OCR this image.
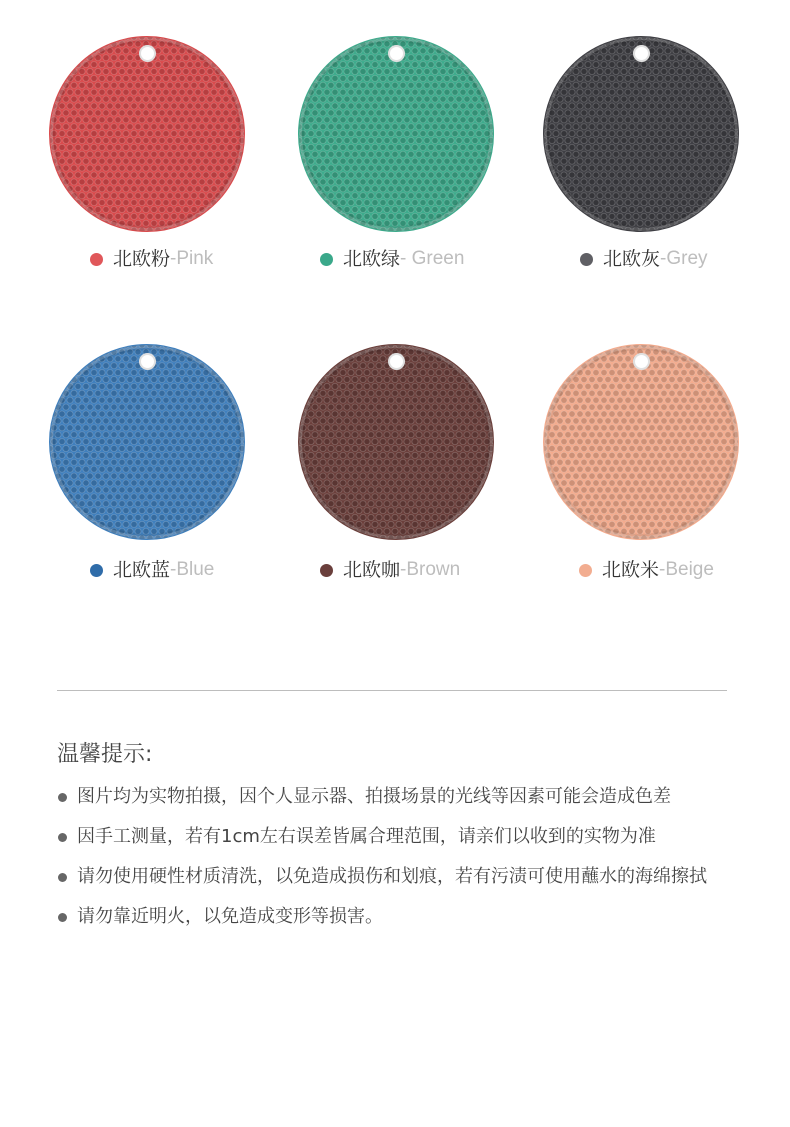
北欧粉 -Pink	北欧绿 - Green	北欧灰 -Grey
北欧蓝 -Blue	北欧咖 -Brown	北欧米 -Beige
温馨提示:
图片均为实物拍摄，因个人显示器、拍摄场景的光线等因素可能会造成色差
因手工测量，若有1cm左右误差皆属合理范围，请亲们以收到的实物为准
请勿使用硬性材质清洗，以免造成损伤和划痕，若有污渍可使用蘸水的海绵擦拭
请勿靠近明火，以免造成变形等损害。
